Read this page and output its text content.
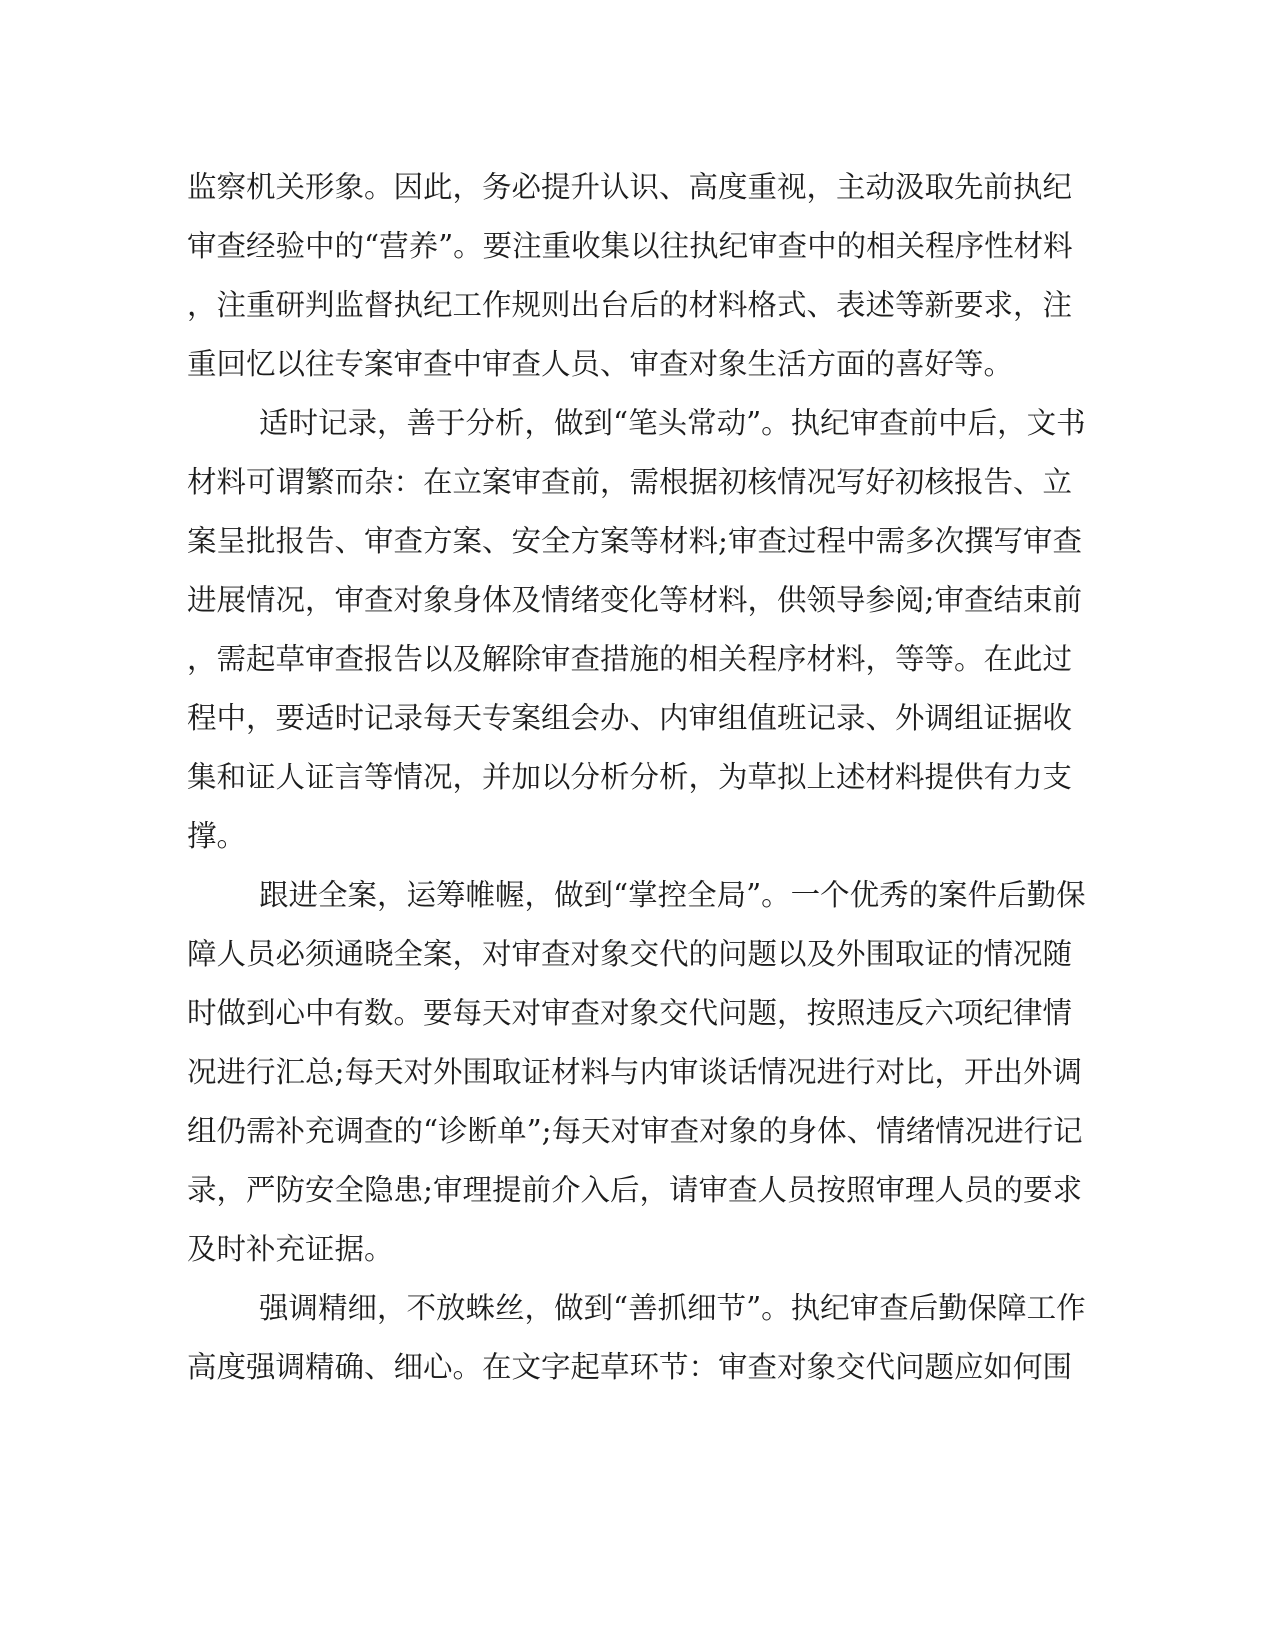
监察机关形象。因此，务必提升认识、高度重视，主动汲取先前执纪
审查经验中的“营养”。要注重收集以往执纪审查中的相关程序性材料
，注重研判监督执纪工作规则出台后的材料格式、表述等新要求，注
重回忆以往专案审查中审查人员、审查对象生活方面的喜好等。
适时记录，善于分析，做到“笔头常动”。执纪审查前中后，文书
材料可谓繁而杂：在立案审查前，需根据初核情况写好初核报告、立
案呈批报告、审查方案、安全方案等材料;审查过程中需多次撰写审查
进展情况，审查对象身体及情绪变化等材料，供领导参阅;审查结束前
，需起草审查报告以及解除审查措施的相关程序材料，等等。在此过
程中，要适时记录每天专案组会办、内审组值班记录、外调组证据收
集和证人证言等情况，并加以分析分析，为草拟上述材料提供有力支
撑。
跟进全案，运筹帷幄，做到“掌控全局”。一个优秀的案件后勤保
障人员必须通晓全案，对审查对象交代的问题以及外围取证的情况随
时做到心中有数。要每天对审查对象交代问题，按照违反六项纪律情
况进行汇总;每天对外围取证材料与内审谈话情况进行对比，开出外调
组仍需补充调查的“诊断单”;每天对审查对象的身体、情绪情况进行记
录，严防安全隐患;审理提前介入后，请审查人员按照审理人员的要求
及时补充证据。
强调精细，不放蛛丝，做到“善抓细节”。执纪审查后勤保障工作
高度强调精确、细心。在文字起草环节：审查对象交代问题应如何围
